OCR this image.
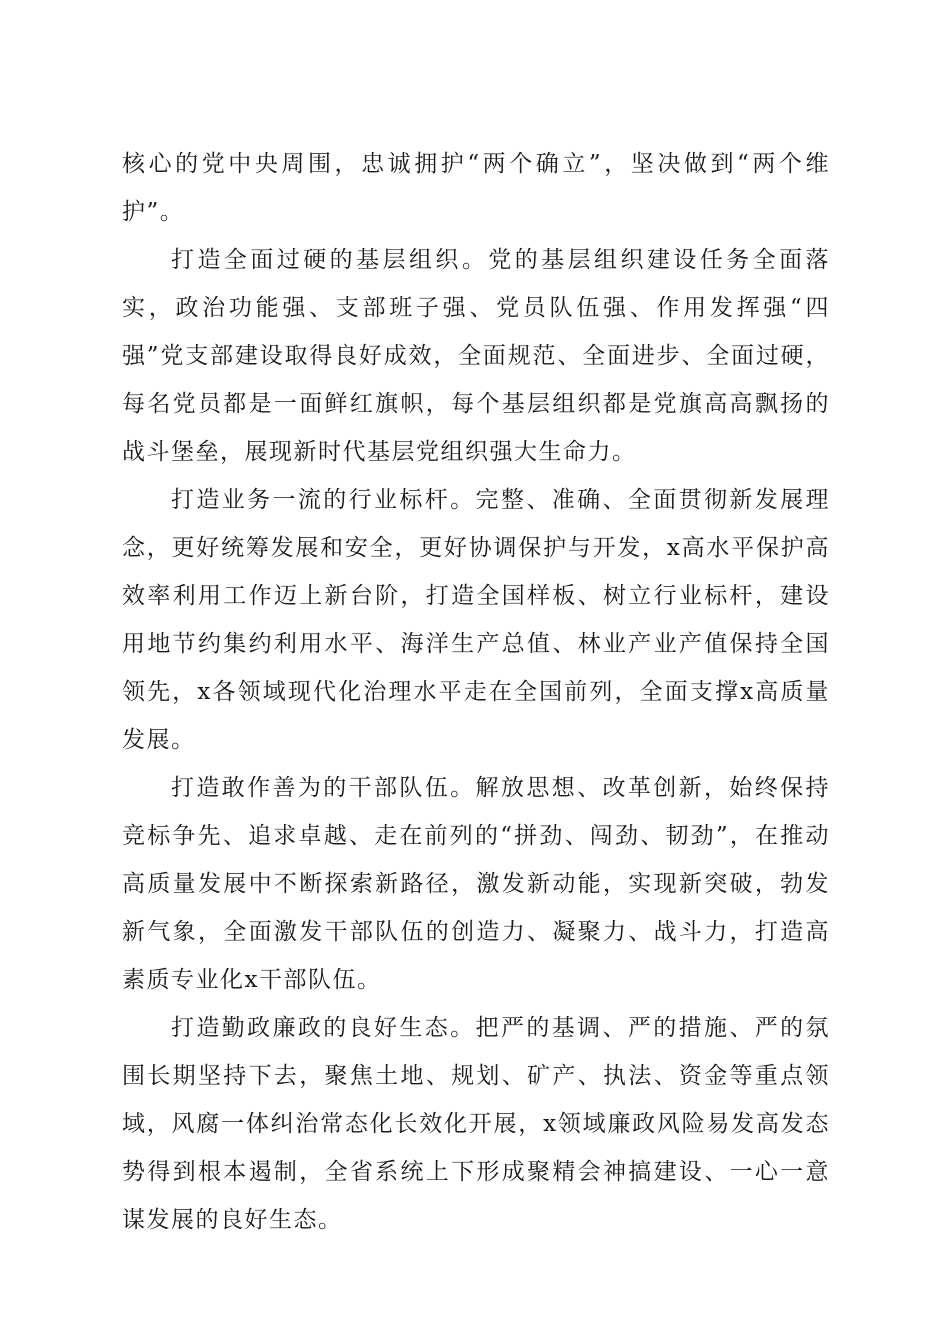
核心的党中央周围，忠诚拥护“两个确立”，坚决做到“两个维护”。

打造全面过硬的基层组织。党的基层组织建设任务全面落实，政治功能强、支部班子强、党员队伍强、作用发挥强“四强”党支部建设取得良好成效，全面规范、全面进步、全面过硬，每名党员都是一面鲜红旗帜，每个基层组织都是党旗高高飘扬的战斗堡垒，展现新时代基层党组织强大生命力。

打造业务一流的行业标杆。完整、准确、全面贯彻新发展理念，更好统筹发展和安全，更好协调保护与开发，x高水平保护高效率利用工作迈上新台阶，打造全国样板、树立行业标杆，建设用地节约集约利用水平、海洋生产总值、林业产业产值保持全国领先，x各领域现代化治理水平走在全国前列，全面支撑x高质量发展。

打造敢作善为的干部队伍。解放思想、改革创新，始终保持竞标争先、追求卓越、走在前列的“拼劲、闯劲、韧劲”，在推动高质量发展中不断探索新路径，激发新动能，实现新突破，勃发新气象，全面激发干部队伍的创造力、凝聚力、战斗力，打造高素质专业化x干部队伍。

打造勤政廉政的良好生态。把严的基调、严的措施、严的氛围长期坚持下去，聚焦土地、规划、矿产、执法、资金等重点领域，风腐一体纠治常态化长效化开展，x领域廉政风险易发高发态势得到根本遏制，全省系统上下形成聚精会神搞建设、一心一意谋发展的良好生态。
